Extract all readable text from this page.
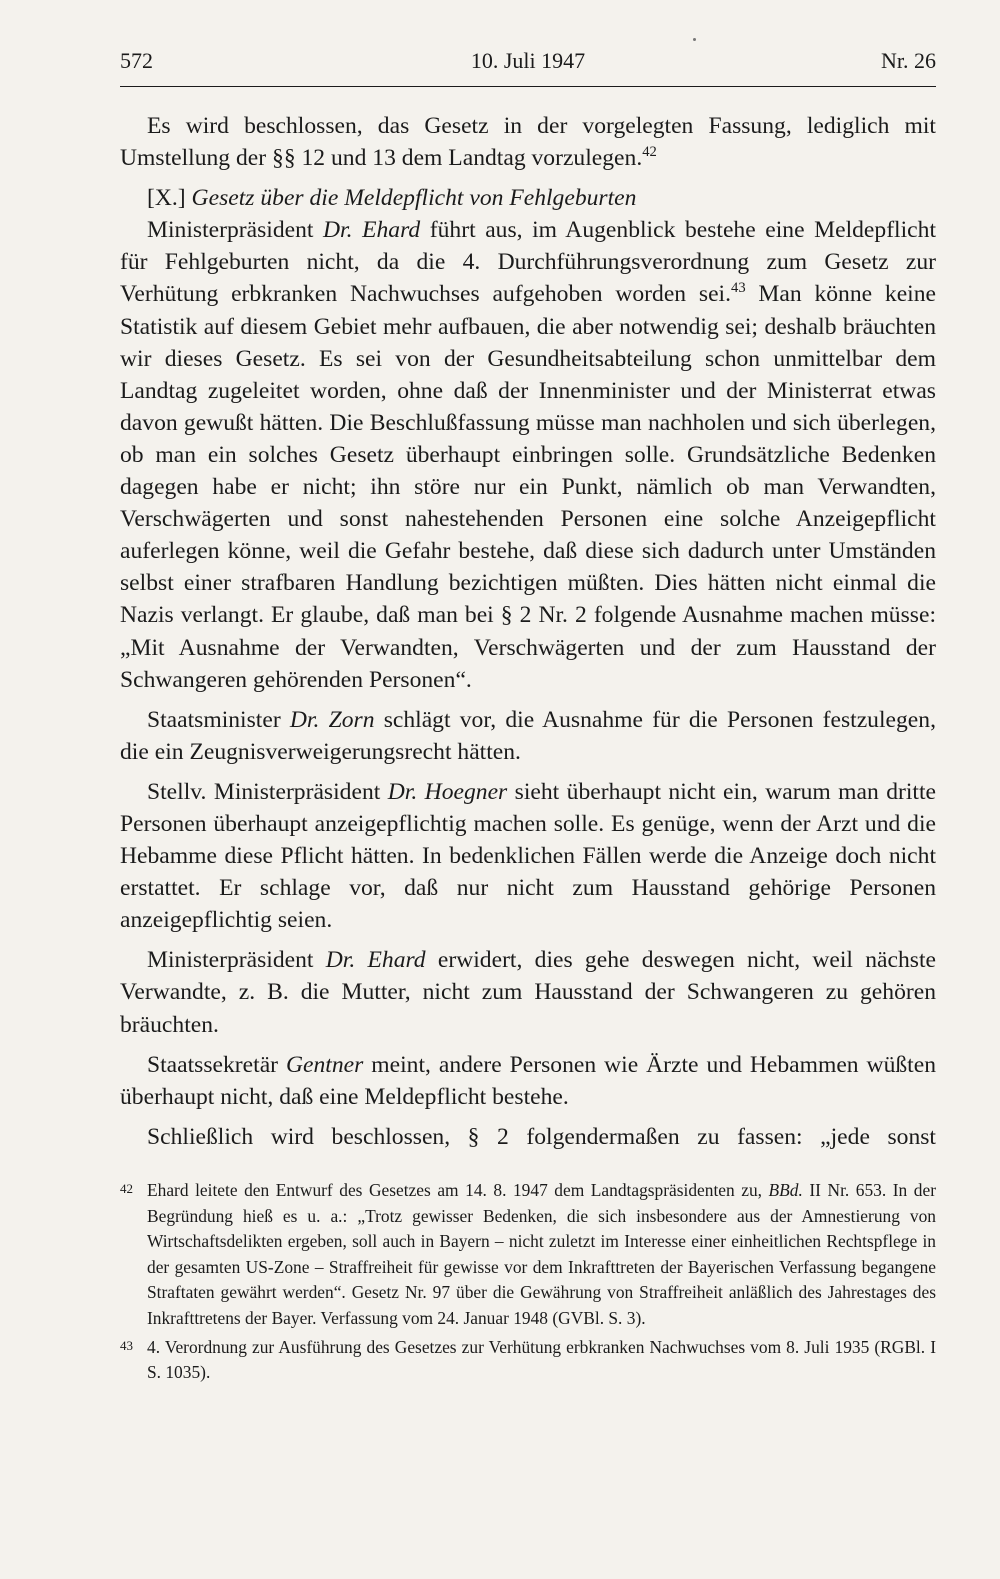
572	10. Juli 1947	Nr. 26

Es wird beschlossen, das Gesetz in der vorgelegten Fassung, lediglich mit Umstellung der §§ 12 und 13 dem Landtag vorzulegen.$^{42}$

[X.] Gesetz über die Meldepflicht von Fehlgeburten

Ministerpräsident Dr. Ehard führt aus, im Augenblick bestehe eine Meldepflicht für Fehlgeburten nicht, da die 4. Durchführungsverordnung zum Gesetz zur Verhütung erbkranken Nachwuchses aufgehoben worden sei.$^{43}$ Man könne keine Statistik auf diesem Gebiet mehr aufbauen, die aber notwendig sei; deshalb bräuchten wir dieses Gesetz. Es sei von der Gesundheitsabteilung schon unmittelbar dem Landtag zugeleitet worden, ohne daß der Innenminister und der Ministerrat etwas davon gewußt hätten. Die Beschlußfassung müsse man nachholen und sich überlegen, ob man ein solches Gesetz überhaupt einbringen solle. Grundsätzliche Bedenken dagegen habe er nicht; ihn störe nur ein Punkt, nämlich ob man Verwandten, Verschwägerten und sonst nahestehenden Personen eine solche Anzeigepflicht auferlegen könne, weil die Gefahr bestehe, daß diese sich dadurch unter Umständen selbst einer strafbaren Handlung bezichtigen müßten. Dies hätten nicht einmal die Nazis verlangt. Er glaube, daß man bei § 2 Nr. 2 folgende Ausnahme machen müsse: „Mit Ausnahme der Verwandten, Verschwägerten und der zum Hausstand der Schwangeren gehörenden Personen“.

Staatsminister Dr. Zorn schlägt vor, die Ausnahme für die Personen festzulegen, die ein Zeugnisverweigerungsrecht hätten.

Stellv. Ministerpräsident Dr. Hoegner sieht überhaupt nicht ein, warum man dritte Personen überhaupt anzeigepflichtig machen solle. Es genüge, wenn der Arzt und die Hebamme diese Pflicht hätten. In bedenklichen Fällen werde die Anzeige doch nicht erstattet. Er schlage vor, daß nur nicht zum Hausstand gehörige Personen anzeigepflichtig seien.

Ministerpräsident Dr. Ehard erwidert, dies gehe deswegen nicht, weil nächste Verwandte, z. B. die Mutter, nicht zum Hausstand der Schwangeren zu gehören bräuchten.

Staatssekretär Gentner meint, andere Personen wie Ärzte und Hebammen wüßten überhaupt nicht, daß eine Meldepflicht bestehe.

Schließlich wird beschlossen, § 2 folgendermaßen zu fassen: „jede sonst

42 Ehard leitete den Entwurf des Gesetzes am 14. 8. 1947 dem Landtagspräsidenten zu, BBd. II Nr. 653. In der Begründung hieß es u. a.: „Trotz gewisser Bedenken, die sich insbesondere aus der Amnestierung von Wirtschaftsdelikten ergeben, soll auch in Bayern – nicht zuletzt im Interesse einer einheitlichen Rechtspflege in der gesamten US-Zone – Straffreiheit für gewisse vor dem Inkrafttreten der Bayerischen Verfassung begangene Straftaten gewährt werden“. Gesetz Nr. 97 über die Gewährung von Straffreiheit anläßlich des Jahrestages des Inkrafttretens der Bayer. Verfassung vom 24. Januar 1948 (GVBl. S. 3).
43 4. Verordnung zur Ausführung des Gesetzes zur Verhütung erbkranken Nachwuchses vom 8. Juli 1935 (RGBl. I S. 1035).
